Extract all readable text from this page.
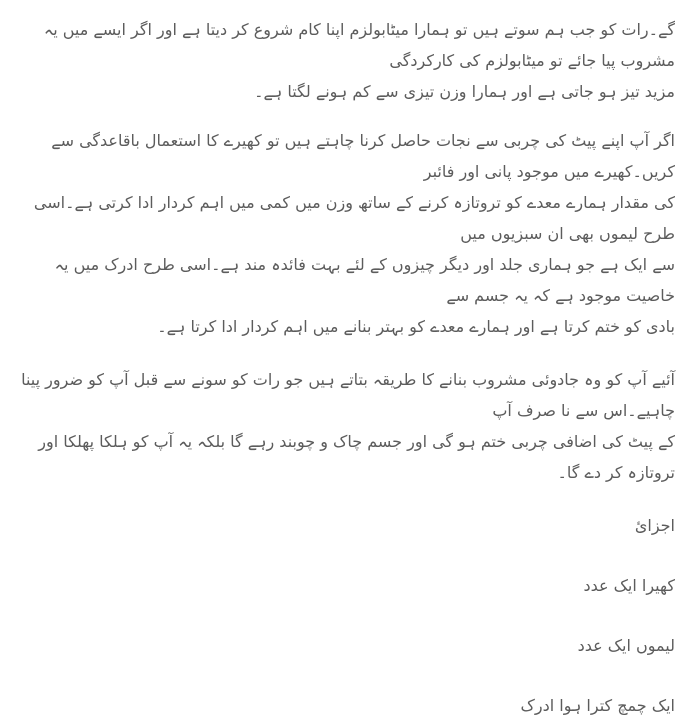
گے۔رات کو جب ہم سوتے ہیں تو ہمارا میٹابولزم اپنا کام شروع کر دیتا ہے اور اگر ایسے میں یہ مشروب پیا جائے تو میٹابولزم کی کارکردگی
مزید تیز ہو جاتی ہے اور ہمارا وزن تیزی سے کم ہونے لگتا ہے۔

اگر آپ اپنے پیٹ کی چربی سے نجات حاصل کرنا چاہتے ہیں تو کھیرے کا استعمال باقاعدگی سے کریں۔کھیرے میں موجود پانی اور فائبر
کی مقدار ہمارے معدے کو تروتازہ کرنے کے ساتھ وزن میں کمی میں اہم کردار ادا کرتی ہے۔اسی طرح لیموں بھی ان سبزیوں میں
سے ایک ہے جو ہماری جلد اور دیگر چیزوں کے لئے بہت فائدہ مند ہے۔اسی طرح ادرک میں یہ خاصیت موجود ہے کہ یہ جسم سے
بادی کو ختم کرتا ہے اور ہمارے معدے کو بہتر بنانے میں اہم کردار ادا کرتا ہے۔

آئیے آپ کو وہ جادوئی مشروب بنانے کا طریقہ بتاتے ہیں جو رات کو سونے سے قبل آپ کو ضرور پینا چاہیے۔اس سے نا صرف آپ
کے پیٹ کی اضافی چربی ختم ہو گی اور جسم چاک و چوبند رہے گا بلکہ یہ آپ کو ہلکا پھلکا اور تروتازہ کر دے گا۔

اجزائ
کھیرا ایک عدد
لیموں ایک عدد
ایک چمچ کترا ہوا ادرک
